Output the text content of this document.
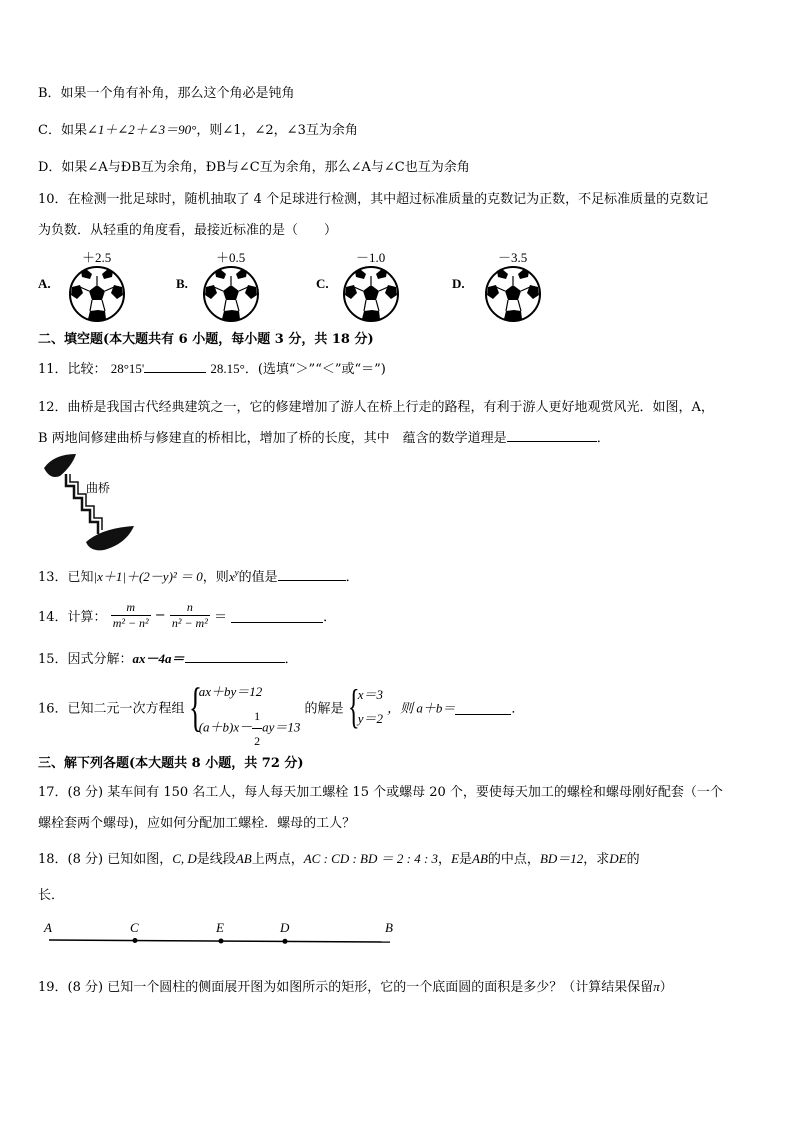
B．如果一个角有补角，那么这个角必是钝角
C．如果∠1＋∠2＋∠3＝90°，则∠1，∠2，∠3互为余角
D．如果∠A与ÐB互为余角，ÐB与∠C互为余角，那么∠A与∠C也互为余角
10．在检测一批足球时，随机抽取了 4 个足球进行检测，其中超过标准质量的克数记为正数，不足标准质量的克数记
为负数．从轻重的角度看，最接近标准的是（　　）
A.
＋2.5
B.
＋0.5
C.
－1.0
D.
－3.5
二、填空题(本大题共有 6 小题，每小题 3 分，共 18 分)
11．比较： 28°15'	28.15°．(选填“＞”“＜”或“＝”)
12．曲桥是我国古代经典建筑之一，它的修建增加了游人在桥上行走的路程，有利于游人更好地观赏风光．如图，A，
B 两地间修建曲桥与修建直的桥相比，增加了桥的长度，其中　蕴含的数学道理是	．
曲桥
13．已知|x＋1|＋(2－y)² ＝ 0，则$x^y$的值是	．
14．计算： $\frac{m}{\text{m² − n²}} - \frac{n}{\text{n² − m²}}$ ＝	．
15．因式分解：ax－4a＝	．
16．已知二元一次方程组 {
ax＋by＝12
$(a+b)x- \frac{1}{2} ay=13$
的解是 {
x＝3
y＝2
，则 a＋b＝	．
三、解下列各题(本大题共 8 小题，共 72 分)
17．(8 分) 某车间有 150 名工人，每人每天加工螺栓 15 个或螺母 20 个，要使每天加工的螺栓和螺母刚好配套（一个
螺栓套两个螺母)，应如何分配加工螺栓．螺母的工人？
18．(8 分) 已知如图，C, D是线段AB上两点，AC : CD : BD ＝ 2 : 4 : 3，E是AB的中点，BD＝12，求DE的
长．
A	C	E	D	B
19．(8 分) 已知一个圆柱的侧面展开图为如图所示的矩形，它的一个底面圆的面积是多少？（计算结果保留π）
